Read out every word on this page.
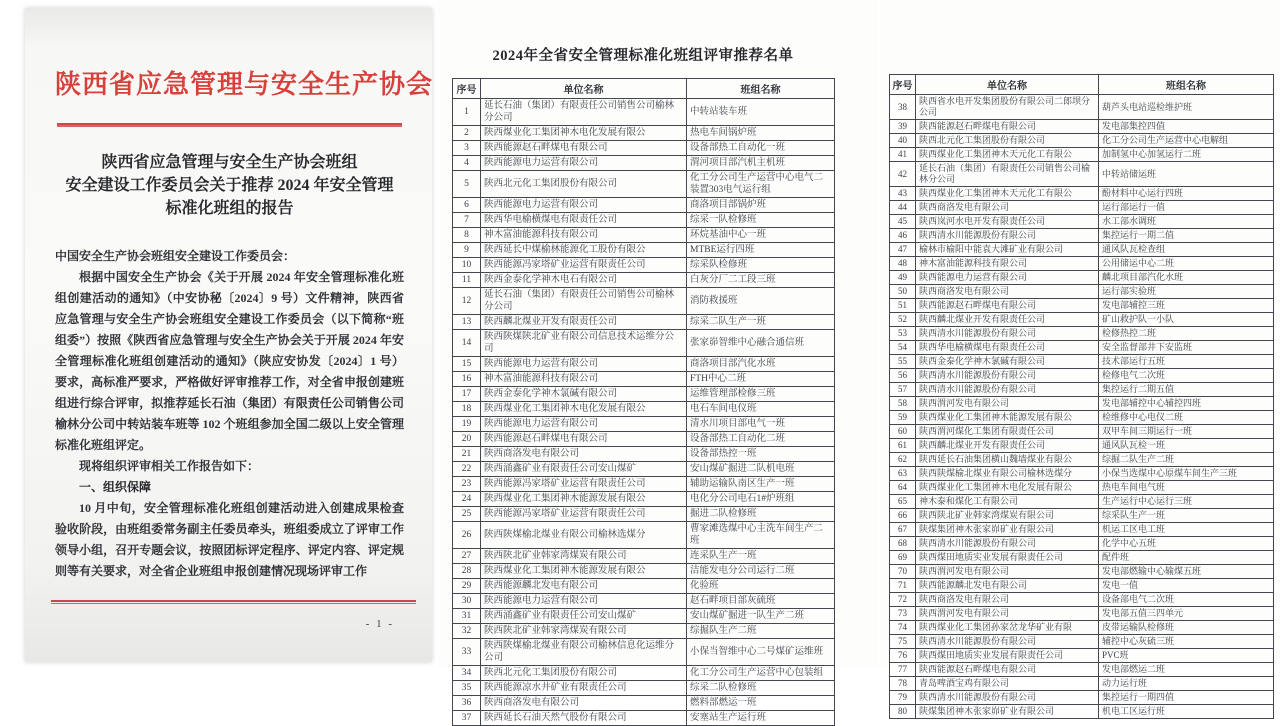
陕西省应急管理与安全生产协会
陕西省应急管理与安全生产协会班组
安全建设工作委员会关于推荐 2024 年安全管理
标准化班组的报告

中国安全生产协会班组安全建设工作委员会：

根据中国安全生产协会《关于开展 2024 年安全管理标准化班组创建活动的通知》（中安协秘〔2024〕9 号）文件精神，陕西省应急管理与安全生产协会班组安全建设工作委员会（以下简称“班组委”）按照《陕西省应急管理与安全生产协会关于开展 2024 年安全管理标准化班组创建活动的通知》（陕应安协发〔2024〕1 号）要求，高标准严要求，严格做好评审推荐工作，对全省申报创建班组进行综合评审，拟推荐延长石油（集团）有限责任公司销售公司榆林分公司中转站装车班等 102 个班组参加全国二级以上安全管理标准化班组评定。

现将组织评审相关工作报告如下：

一、组织保障

10 月中旬，安全管理标准化班组创建活动进入创建成果检查验收阶段，由班组委常务副主任委员牵头，班组委成立了评审工作领导小组，召开专题会议，按照团标评定程序、评定内容、评定规则等有关要求，对全省企业班组申报创建情况现场评审工作

- 1 -
2024年全省安全管理标准化班组评审推荐名单
序号	单位名称	班组名称
1	延长石油（集团）有限责任公司销售公司榆林分公司	中转站装车班
2	陕西煤业化工集团神木电化发展有限公	热电车间锅炉班
3	陕西能源赵石畔煤电有限公司	设备部热工自动化一班
4	陕西能源电力运营有限公司	渭河项目部汽机主机班
5	陕西北元化工集团股份有限公司	化工分公司生产运营中心电气二装置303电气运行组
6	陕西能源电力运营有限公司	商洛项目部锅炉班
7	陕西华电榆横煤电有限责任公司	综采一队检修班
8	神木富油能源科技有限公司	环烷基油中心一班
9	陕西延长中煤榆林能源化工股份有限公	MTBE运行四班
10	陕西能源冯家塔矿业运营有限责任公司	综采队检修班
11	陕西金泰化学神木电石有限公司	白灰分厂二工段三班
12	延长石油（集团）有限责任公司销售公司榆林分公司	消防救援班
13	陕西麟北煤业开发有限责任公司	综采二队生产一班
14	陕西陕煤陕北矿业有限公司信息技术运维分公司	张家峁智维中心融合通信班
15	陕西能源电力运营有限公司	商洛项目部汽化水班
16	神木富油能源科技有限公司	FTH中心二班
17	陕西金泰化学神木氯碱有限公司	运维管理部检修三班
18	陕西煤业化工集团神木电化发展有限公	电石车间电仪班
19	陕西能源电力运营有限公司	清水川项目部电气一班
20	陕西能源赵石畔煤电有限公司	设备部热工自动化二班
21	陕西商洛发电有限公司	设备部热控一班
22	陕西涌鑫矿业有限责任公司安山煤矿	安山煤矿掘进二队机电班
23	陕西能源冯家塔矿业运营有限责任公司	辅助运输队南区生产一班
24	陕西煤业化工集团神木能源发展有限公	电化分公司电石1#炉班组
25	陕西能源冯家塔矿业运营有限责任公司	掘进二队检修班
26	陕西陕煤榆北煤业有限公司榆林选煤分	曹家滩选煤中心主洗车间生产二班
27	陕西陕北矿业韩家湾煤炭有限公司	连采队生产一班
28	陕西煤业化工集团神木能源发展有限公	洁能发电分公司运行二班
29	陕西能源麟北发电有限公司	化验班
30	陕西能源电力运营有限公司	赵石畔项目部灰硫班
31	陕西涌鑫矿业有限责任公司安山煤矿	安山煤矿掘进一队生产二班
32	陕西陕北矿业韩家湾煤炭有限公司	综掘队生产二班
33	陕西陕煤榆北煤业有限公司榆林信息化运维分公司	小保当智维中心二号煤矿运维班
34	陕西北元化工集团股份有限公司	化工分公司生产运营中心包装组
35	陕西能源凉水井矿业有限责任公司	综采二队检修班
36	陕西商洛发电有限公司	燃料部燃运一班
37	陕西延长石油天然气股份有限公司	安塞站生产运行班
序号	单位名称	班组名称
38	陕西省水电开发集团股份有限公司二郎坝分公司	葫芦头电站巡检维护班
39	陕西能源赵石畔煤电有限公司	发电部集控四值
40	陕西北元化工集团股份有限公司	化工分公司生产运营中心电解组
41	陕西煤业化工集团神木天元化工有限公	加制氢中心加氢运行二班
42	延长石油（集团）有限责任公司销售公司榆林分公司	中转站储运班
43	陕西煤业化工集团神木天元化工有限公	酚材料中心运行四班
44	陕西商洛发电有限公司	运行部运行一值
45	陕西岚河水电开发有限责任公司	水工部水调班
46	陕西清水川能源股份有限公司	集控运行一期二值
47	榆林市榆阳中能袁大滩矿业有限公司	通风队瓦检查组
48	神木富油能源科技有限公司	公用储运中心二班
49	陕西能源电力运营有限公司	麟北项目部汽化水班
50	陕西商洛发电有限公司	运行部实验班
51	陕西能源赵石畔煤电有限公司	发电部辅控三班
52	陕西麟北煤业开发有限责任公司	矿山救护队一小队
53	陕西清水川能源股份有限公司	检修热控二班
54	陕西华电榆横煤电有限责任公司	安全监督部井下安监班
55	陕西金泰化学神木氯碱有限公司	技术部运行五班
56	陕西清水川能源股份有限公司	检修电气二次班
57	陕西清水川能源股份有限公司	集控运行二期五值
58	陕西渭河发电有限公司	发电部辅控中心辅控四班
59	陕西煤业化工集团神木能源发展有限公	检维修中心电仪二班
60	陕西渭河煤化工集团有限责任公司	双甲车间三期运行一班
61	陕西麟北煤业开发有限责任公司	通风队瓦检一班
62	陕西延长石油集团横山魏墙煤业有限公	综掘二队生产二班
63	陕西陕煤榆北煤业有限公司榆林选煤分	小保当选煤中心原煤车间生产三班
64	陕西煤业化工集团神木电化发展有限公	热电车间电气班
65	神木泰和煤化工有限公司	生产运行中心运行三班
66	陕西陕北矿业韩家湾煤炭有限公司	综采队生产一班
67	陕煤集团神木张家峁矿业有限公司	机运工区电工班
68	陕西清水川能源股份有限公司	化学中心五班
69	陕西煤田地质实业发展有限责任公司	配件班
70	陕西渭河发电有限公司	发电部燃输中心输煤五班
71	陕西能源麟北发电有限公司	发电一值
72	陕西商洛发电有限公司	设备部电气二次班
73	陕西渭河发电有限公司	发电部五值三四单元
74	陕西煤业化工集团孙家岔龙华矿业有限	皮带运输队检修班
75	陕西清水川能源股份有限公司	辅控中心灰硫三班
76	陕西煤田地质实业发展有限责任公司	PVC班
77	陕西能源赵石畔煤电有限公司	发电部燃运二班
78	青岛啤酒宝鸡有限公司	动力运行班
79	陕西清水川能源股份有限公司	集控运行一期四值
80	陕煤集团神木张家峁矿业有限公司	机电工区运行班
